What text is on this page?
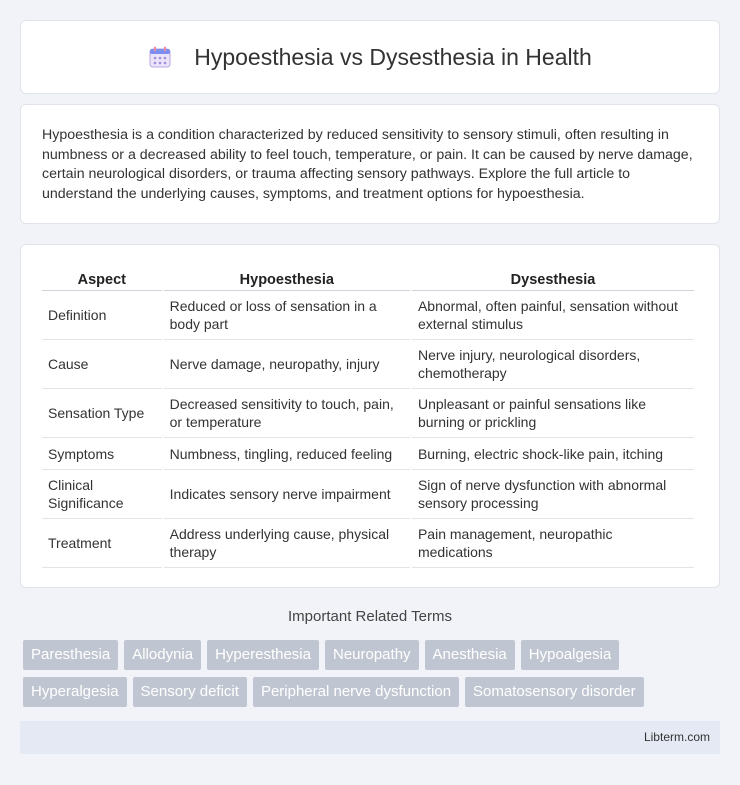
Hypoesthesia vs Dysesthesia in Health

Hypoesthesia is a condition characterized by reduced sensitivity to sensory stimuli, often resulting in numbness or a decreased ability to feel touch, temperature, or pain. It can be caused by nerve damage, certain neurological disorders, or trauma affecting sensory pathways. Explore the full article to understand the underlying causes, symptoms, and treatment options for hypoesthesia.

Aspect	Hypoesthesia	Dysesthesia
Definition	Reduced or loss of sensation in a body part	Abnormal, often painful, sensation without external stimulus
Cause	Nerve damage, neuropathy, injury	Nerve injury, neurological disorders, chemotherapy
Sensation Type	Decreased sensitivity to touch, pain, or temperature	Unpleasant or painful sensations like burning or prickling
Symptoms	Numbness, tingling, reduced feeling	Burning, electric shock-like pain, itching
Clinical Significance	Indicates sensory nerve impairment	Sign of nerve dysfunction with abnormal sensory processing
Treatment	Address underlying cause, physical therapy	Pain management, neuropathic medications
Important Related Terms
Paresthesia	Allodynia	Hyperesthesia	Neuropathy	Anesthesia	Hypoalgesia
Hyperalgesia	Sensory deficit	Peripheral nerve dysfunction	Somatosensory disorder
Libterm.com
